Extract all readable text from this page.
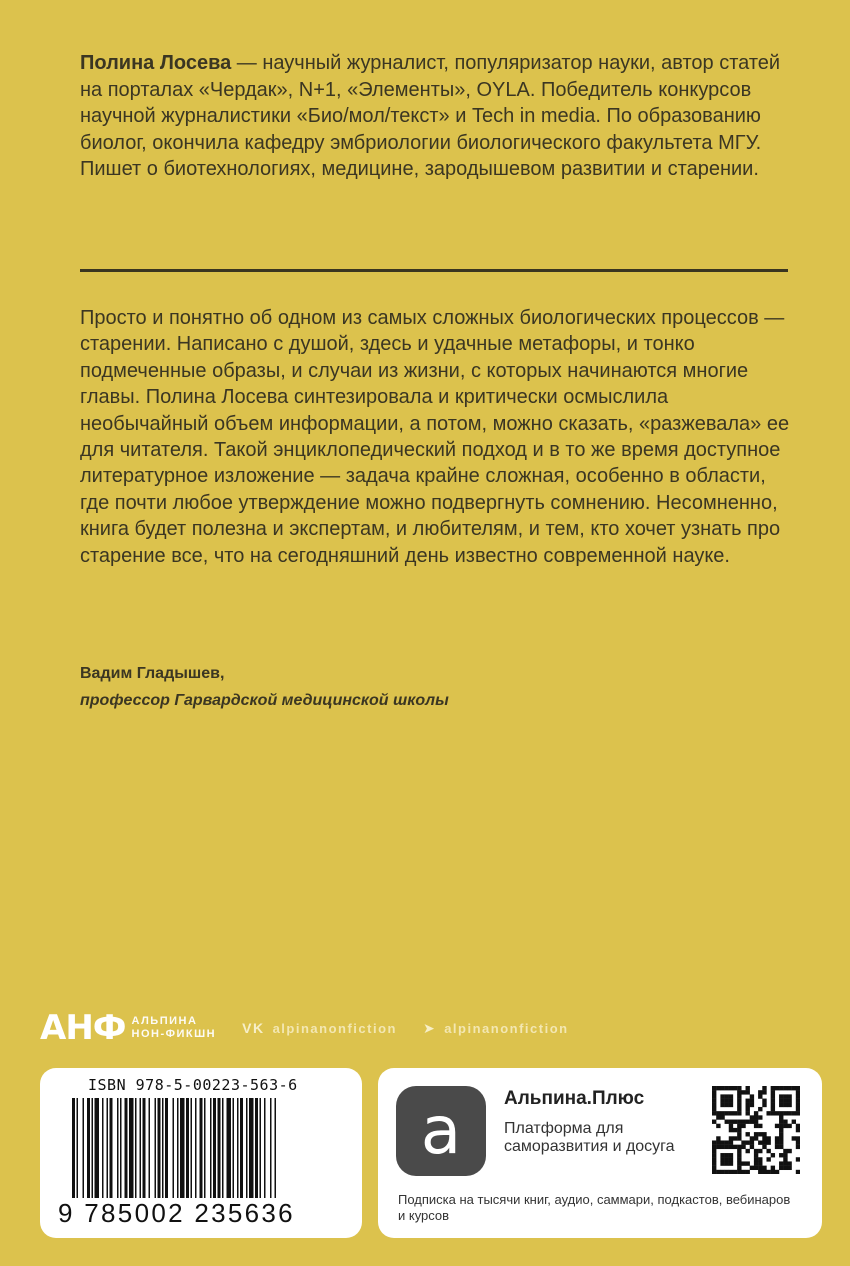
Полина Лосева — научный журналист, популяризатор науки, автор статей на порталах «Чердак», N+1, «Элементы», OYLA. Победитель конкурсов научной журналистики «Био/мол/текст» и Tech in media. По образованию биолог, окончила кафедру эмбриологии биологического факультета МГУ. Пишет о биотехнологиях, медицине, зародышевом развитии и старении.
Просто и понятно об одном из самых сложных биологических процессов — старении. Написано с душой, здесь и удачные метафоры, и тонко подмеченные образы, и случаи из жизни, с которых начинаются многие главы. Полина Лосева синтезировала и критически осмыслила необычайный объем информации, а потом, можно сказать, «разжевала» ее для читателя. Такой энциклопедический подход и в то же время доступное литературное изложение — задача крайне сложная, особенно в области, где почти любое утверждение можно подвергнуть сомнению. Несомненно, книга будет полезна и экспертам, и любителям, и тем, кто хочет узнать про старение все, что на сегодняшний день известно современной науке.
Вадим Гладышев,
профессор Гарвардской медицинской школы
АНФ АЛЬПИНА
НОН-ФИКШН VK alpinanonfiction ➤ alpinanonfiction
ISBN 978-5-00223-563-6
9 785002 235636
a Альпина.Плюс
Платформа для саморазвития и досуга
Подписка на тысячи книг, аудио, саммари, подкастов, вебинаров и курсов
